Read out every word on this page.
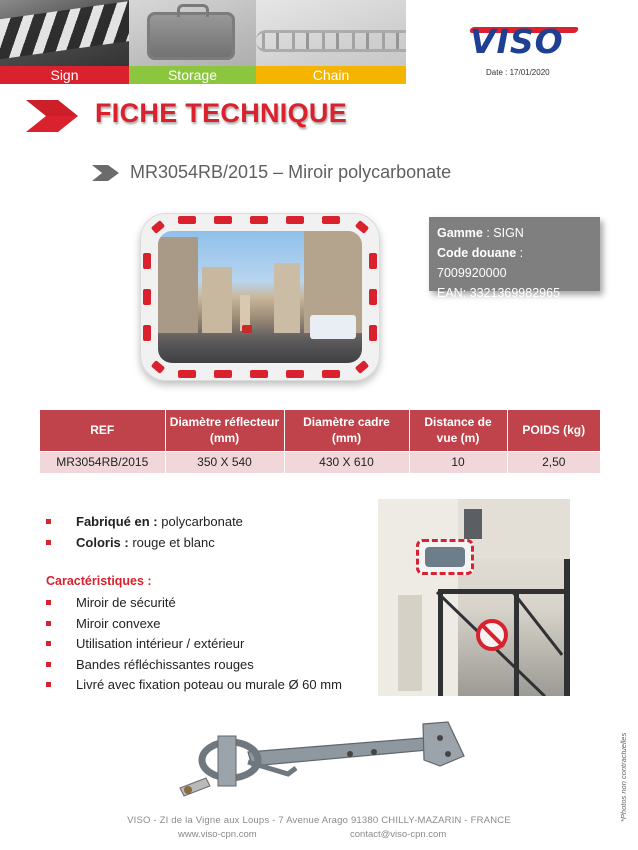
Sign	Storage	Chain
VISO
Date : 17/01/2020
FICHE TECHNIQUE
MR3054RB/2015 – Miroir polycarbonate
Gamme : SIGN
Code douane : 7009920000
EAN: 3321369982965
REF	Diamètre réflecteur (mm)	Diamètre cadre (mm)	Distance de vue (m)	POIDS (kg)
MR3054RB/2015	350 X 540	430 X 610	10	2,50
Fabriqué en : polycarbonate
Coloris : rouge et blanc
Caractéristiques :
Miroir de sécurité
Miroir convexe
Utilisation intérieur / extérieur
Bandes réfléchissantes rouges
Livré avec fixation poteau ou murale Ø 60 mm
*Photos non contractuelles
VISO - ZI de la Vigne aux Loups - 7 Avenue Arago 91380 CHILLY-MAZARIN - FRANCE
www.viso-cpn.com	contact@viso-cpn.com
